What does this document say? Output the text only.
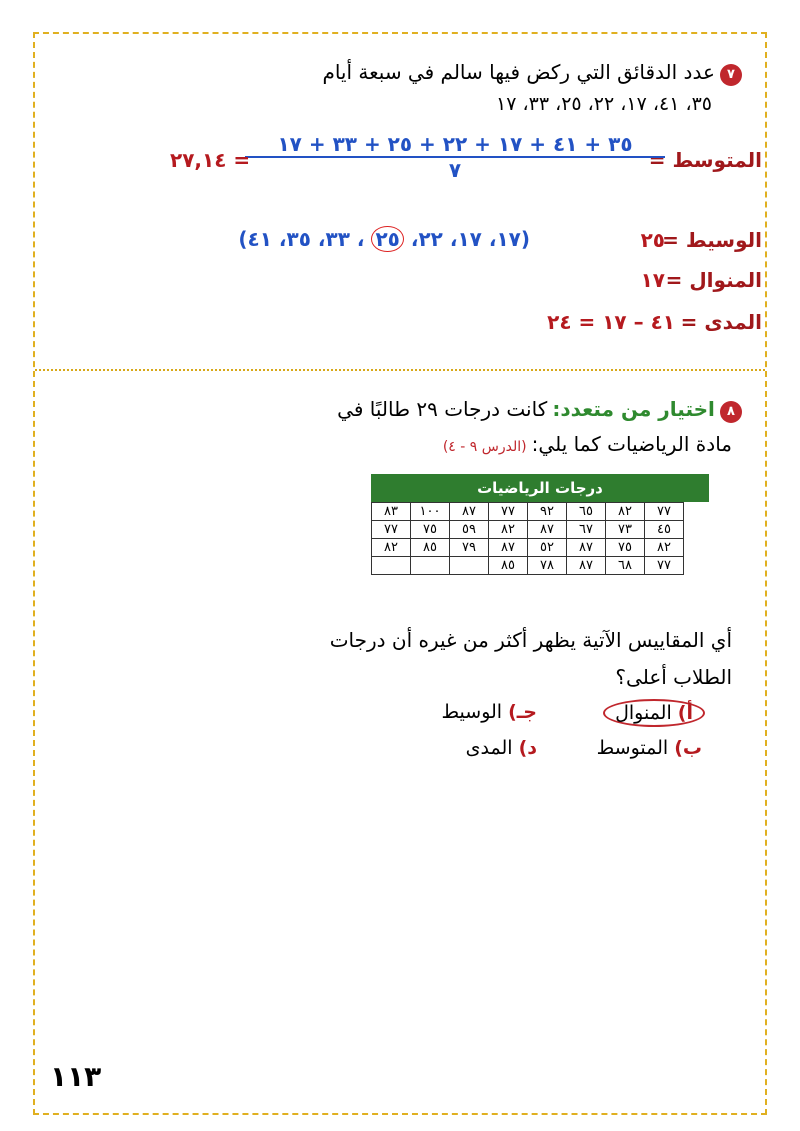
٧ عدد الدقائق التي ركض فيها سالم في سبعة أيام
٣٥، ٤١، ١٧، ٢٢، ٢٥، ٣٣، ١٧
المتوسط =
٣٥ + ٤١ + ١٧ + ٢٢ + ٢٥ + ٣٣ + ١٧
٧
= ٢٧,١٤
الوسيط =
٢٥
(١٧، ١٧، ٢٢، ٢٥ ، ٣٣، ٣٥، ٤١)
المنوال =
١٧
المدى =
٤١ – ١٧ = ٢٤
٨ اختيار من متعدد: كانت درجات ٢٩ طالبًا في
مادة الرياضيات كما يلي: (الدرس ٩ - ٤)
درجات الرياضيات
٧٧	٨٢	٦٥	٩٢	٧٧	٨٧	١٠٠	٨٣
٤٥	٧٣	٦٧	٨٧	٨٢	٥٩	٧٥	٧٧
٨٢	٧٥	٨٧	٥٢	٨٧	٧٩	٨٥	٨٢
٧٧	٦٨	٨٧	٧٨	٨٥			
أي المقاييس الآتية يظهر أكثر من غيره أن درجات
الطلاب أعلى؟
أ) المنوال
جـ) الوسيط
ب) المتوسط
د) المدى
١١٣
